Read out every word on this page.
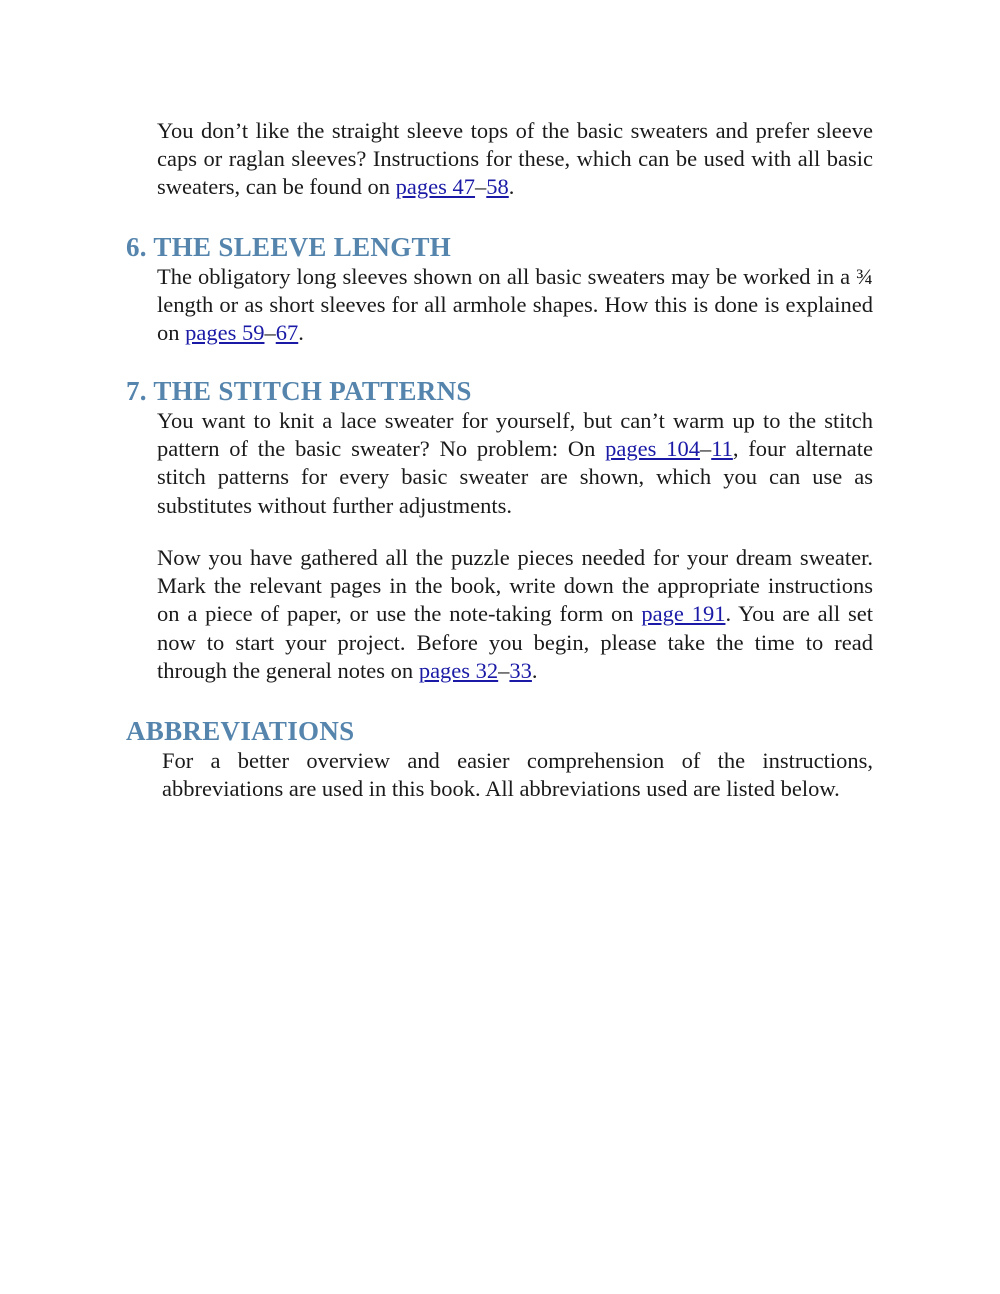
You don’t like the straight sleeve tops of the basic sweaters and prefer sleeve caps or raglan sleeves? Instructions for these, which can be used with all basic sweaters, can be found on pages 47–58.

6. THE SLEEVE LENGTH

The obligatory long sleeves shown on all basic sweaters may be worked in a ¾ length or as short sleeves for all armhole shapes. How this is done is explained on pages 59–67.

7. THE STITCH PATTERNS

You want to knit a lace sweater for yourself, but can’t warm up to the stitch pattern of the basic sweater? No problem: On pages 104–11, four alternate stitch patterns for every basic sweater are shown, which you can use as substitutes without further adjustments.

Now you have gathered all the puzzle pieces needed for your dream sweater. Mark the relevant pages in the book, write down the appropriate instructions on a piece of paper, or use the note-taking form on page 191. You are all set now to start your project. Before you begin, please take the time to read through the general notes on pages 32–33.

ABBREVIATIONS

For a better overview and easier comprehension of the instructions, abbreviations are used in this book. All abbreviations used are listed below.
